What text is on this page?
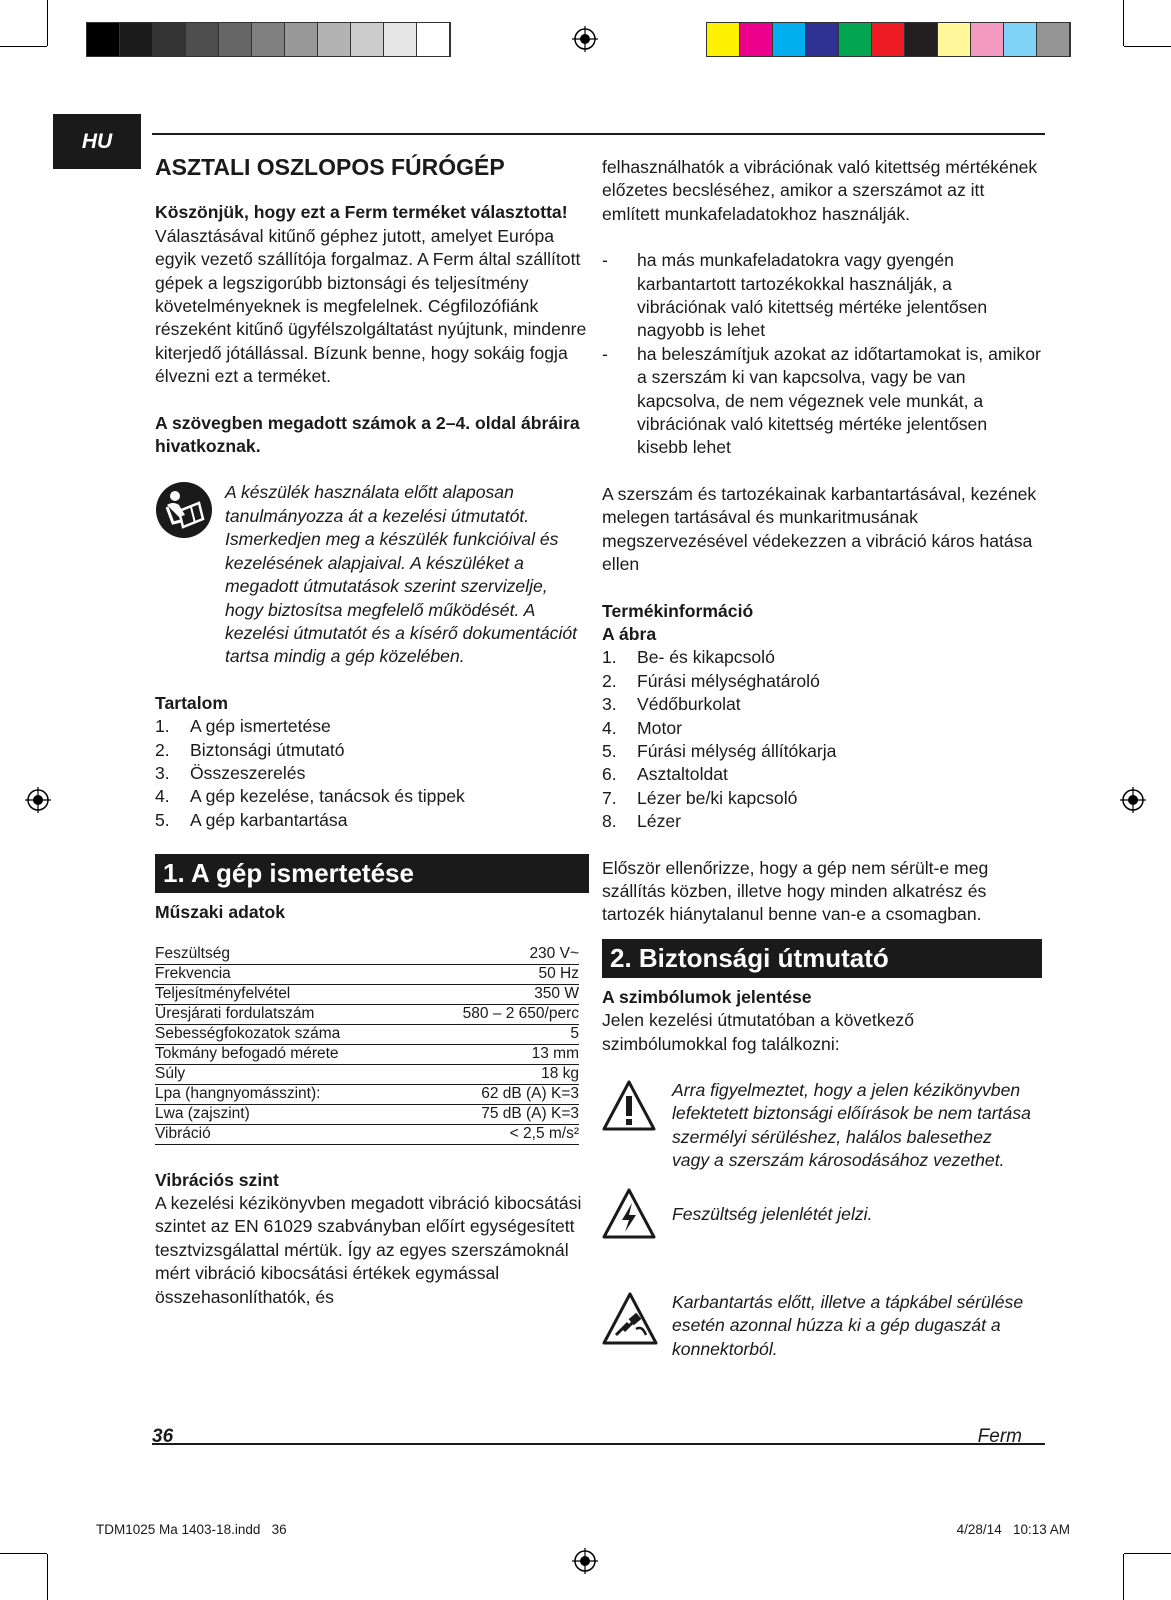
HU

ASZTALI OSZLOPOS FÚRÓGÉP

Köszönjük, hogy ezt a Ferm terméket választotta!

Választásával kitűnő géphez jutott, amelyet Európa egyik vezető szállítója forgalmaz. A Ferm által szállított gépek a legszigorúbb biztonsági és teljesítmény követelményeknek is megfelelnek. Cégfilozófiánk részeként kitűnő ügyfélszolgáltatást nyújtunk, mindenre kiterjedő jótállással. Bízunk benne, hogy sokáig fogja élvezni ezt a terméket.

A szövegben megadott számok a 2–4. oldal ábráira hivatkoznak.

A készülék használata előtt alaposan tanulmányozza át a kezelési útmutatót. Ismerkedjen meg a készülék funkcióival és kezelésének alapjaival. A készüléket a megadott útmutatások szerint szervizelje, hogy biztosítsa megfelelő működését. A kezelési útmutatót és a kísérő dokumentációt tartsa mindig a gép közelében.

Tartalom

1.	A gép ismertetése
2.	Biztonsági útmutató
3.	Összeszerelés
4.	A gép kezelése, tanácsok és tippek
5.	A gép karbantartása
1. A gép ismertetése

Műszaki adatok

Feszültség	230 V~
Frekvencia	50 Hz
Teljesítményfelvétel	350 W
Üresjárati fordulatszám	580 – 2 650/perc
Sebességfokozatok száma	5
Tokmány befogadó mérete	13 mm
Súly	18 kg
Lpa (hangnyomásszint):	62 dB (A) K=3
Lwa (zajszint)	75 dB (A) K=3
Vibráció	< 2,5 m/s²

Vibrációs szint

A kezelési kézikönyvben megadott vibráció kibocsátási szintet az EN 61029 szabványban előírt egységesített tesztvizsgálattal mértük. Így az egyes szerszámoknál mért vibráció kibocsátási értékek egymással összehasonlíthatók, és

felhasználhatók a vibrációnak való kitettség mértékének előzetes becsléséhez, amikor a szerszámot az itt említett munkafeladatokhoz használják.

-	ha más munkafeladatokra vagy gyengén karbantartott tartozékokkal használják, a vibrációnak való kitettség mértéke jelentősen nagyobb is lehet
-	ha beleszámítjuk azokat az időtartamokat is, amikor a szerszám ki van kapcsolva, vagy be van kapcsolva, de nem végeznek vele munkát, a vibrációnak való kitettség mértéke jelentősen kisebb lehet

A szerszám és tartozékainak karbantartásával, kezének melegen tartásával és munkaritmusának megszervezésével védekezzen a vibráció káros hatása ellen

Termékinformáció

A ábra

1.	Be- és kikapcsoló
2.	Fúrási mélységhatároló
3.	Védőburkolat
4.	Motor
5.	Fúrási mélység állítókarja
6.	Asztaltoldat
7.	Lézer be/ki kapcsoló
8.	Lézer

Először ellenőrizze, hogy a gép nem sérült-e meg szállítás közben, illetve hogy minden alkatrész és tartozék hiánytalanul benne van-e a csomagban.

2. Biztonsági útmutató

A szimbólumok jelentése

Jelen kezelési útmutatóban a következő szimbólumokkal fog találkozni:

Arra figyelmeztet, hogy a jelen kézikönyvben lefektetett biztonsági előírások be nem tartása szermélyi sérüléshez, halálos balesethez vagy a szerszám károsodásához vezethet.

Feszültség jelenlétét jelzi.

Karbantartás előtt, illetve a tápkábel sérülése esetén azonnal húzza ki a gép dugaszát a konnektorból.

36	Ferm
TDM1025 Ma 1403-18.indd   36	4/28/14   10:13 AM
